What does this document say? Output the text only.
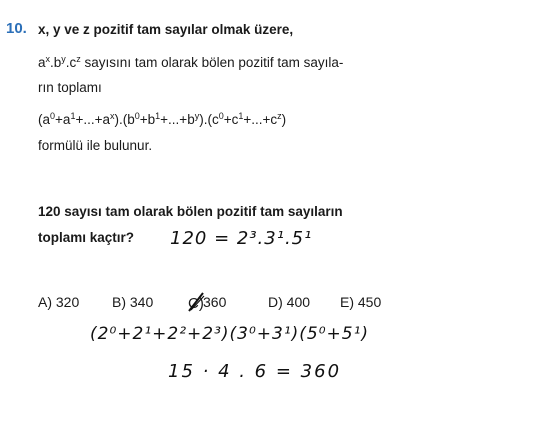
10. x, y ve z pozitif tam sayılar olmak üzere,
$a^x.b^y.c^z$ sayısını tam olarak bölen pozitif tam sayıla-
rın toplamı
$(a^0+a^1+...+a^x).(b^0+b^1+...+b^y).(c^0+c^1+...+c^z)$
formülü ile bulunur.
120 sayısı tam olarak bölen pozitif tam sayıların
toplamı kaçtır? 120 = 2³.3¹.5¹
A) 320 B) 340	360
C)	D) 400 E) 450
(2⁰+2¹+2²+2³)(3⁰+3¹)(5⁰+5¹)
15 · 4 . 6 = 360
